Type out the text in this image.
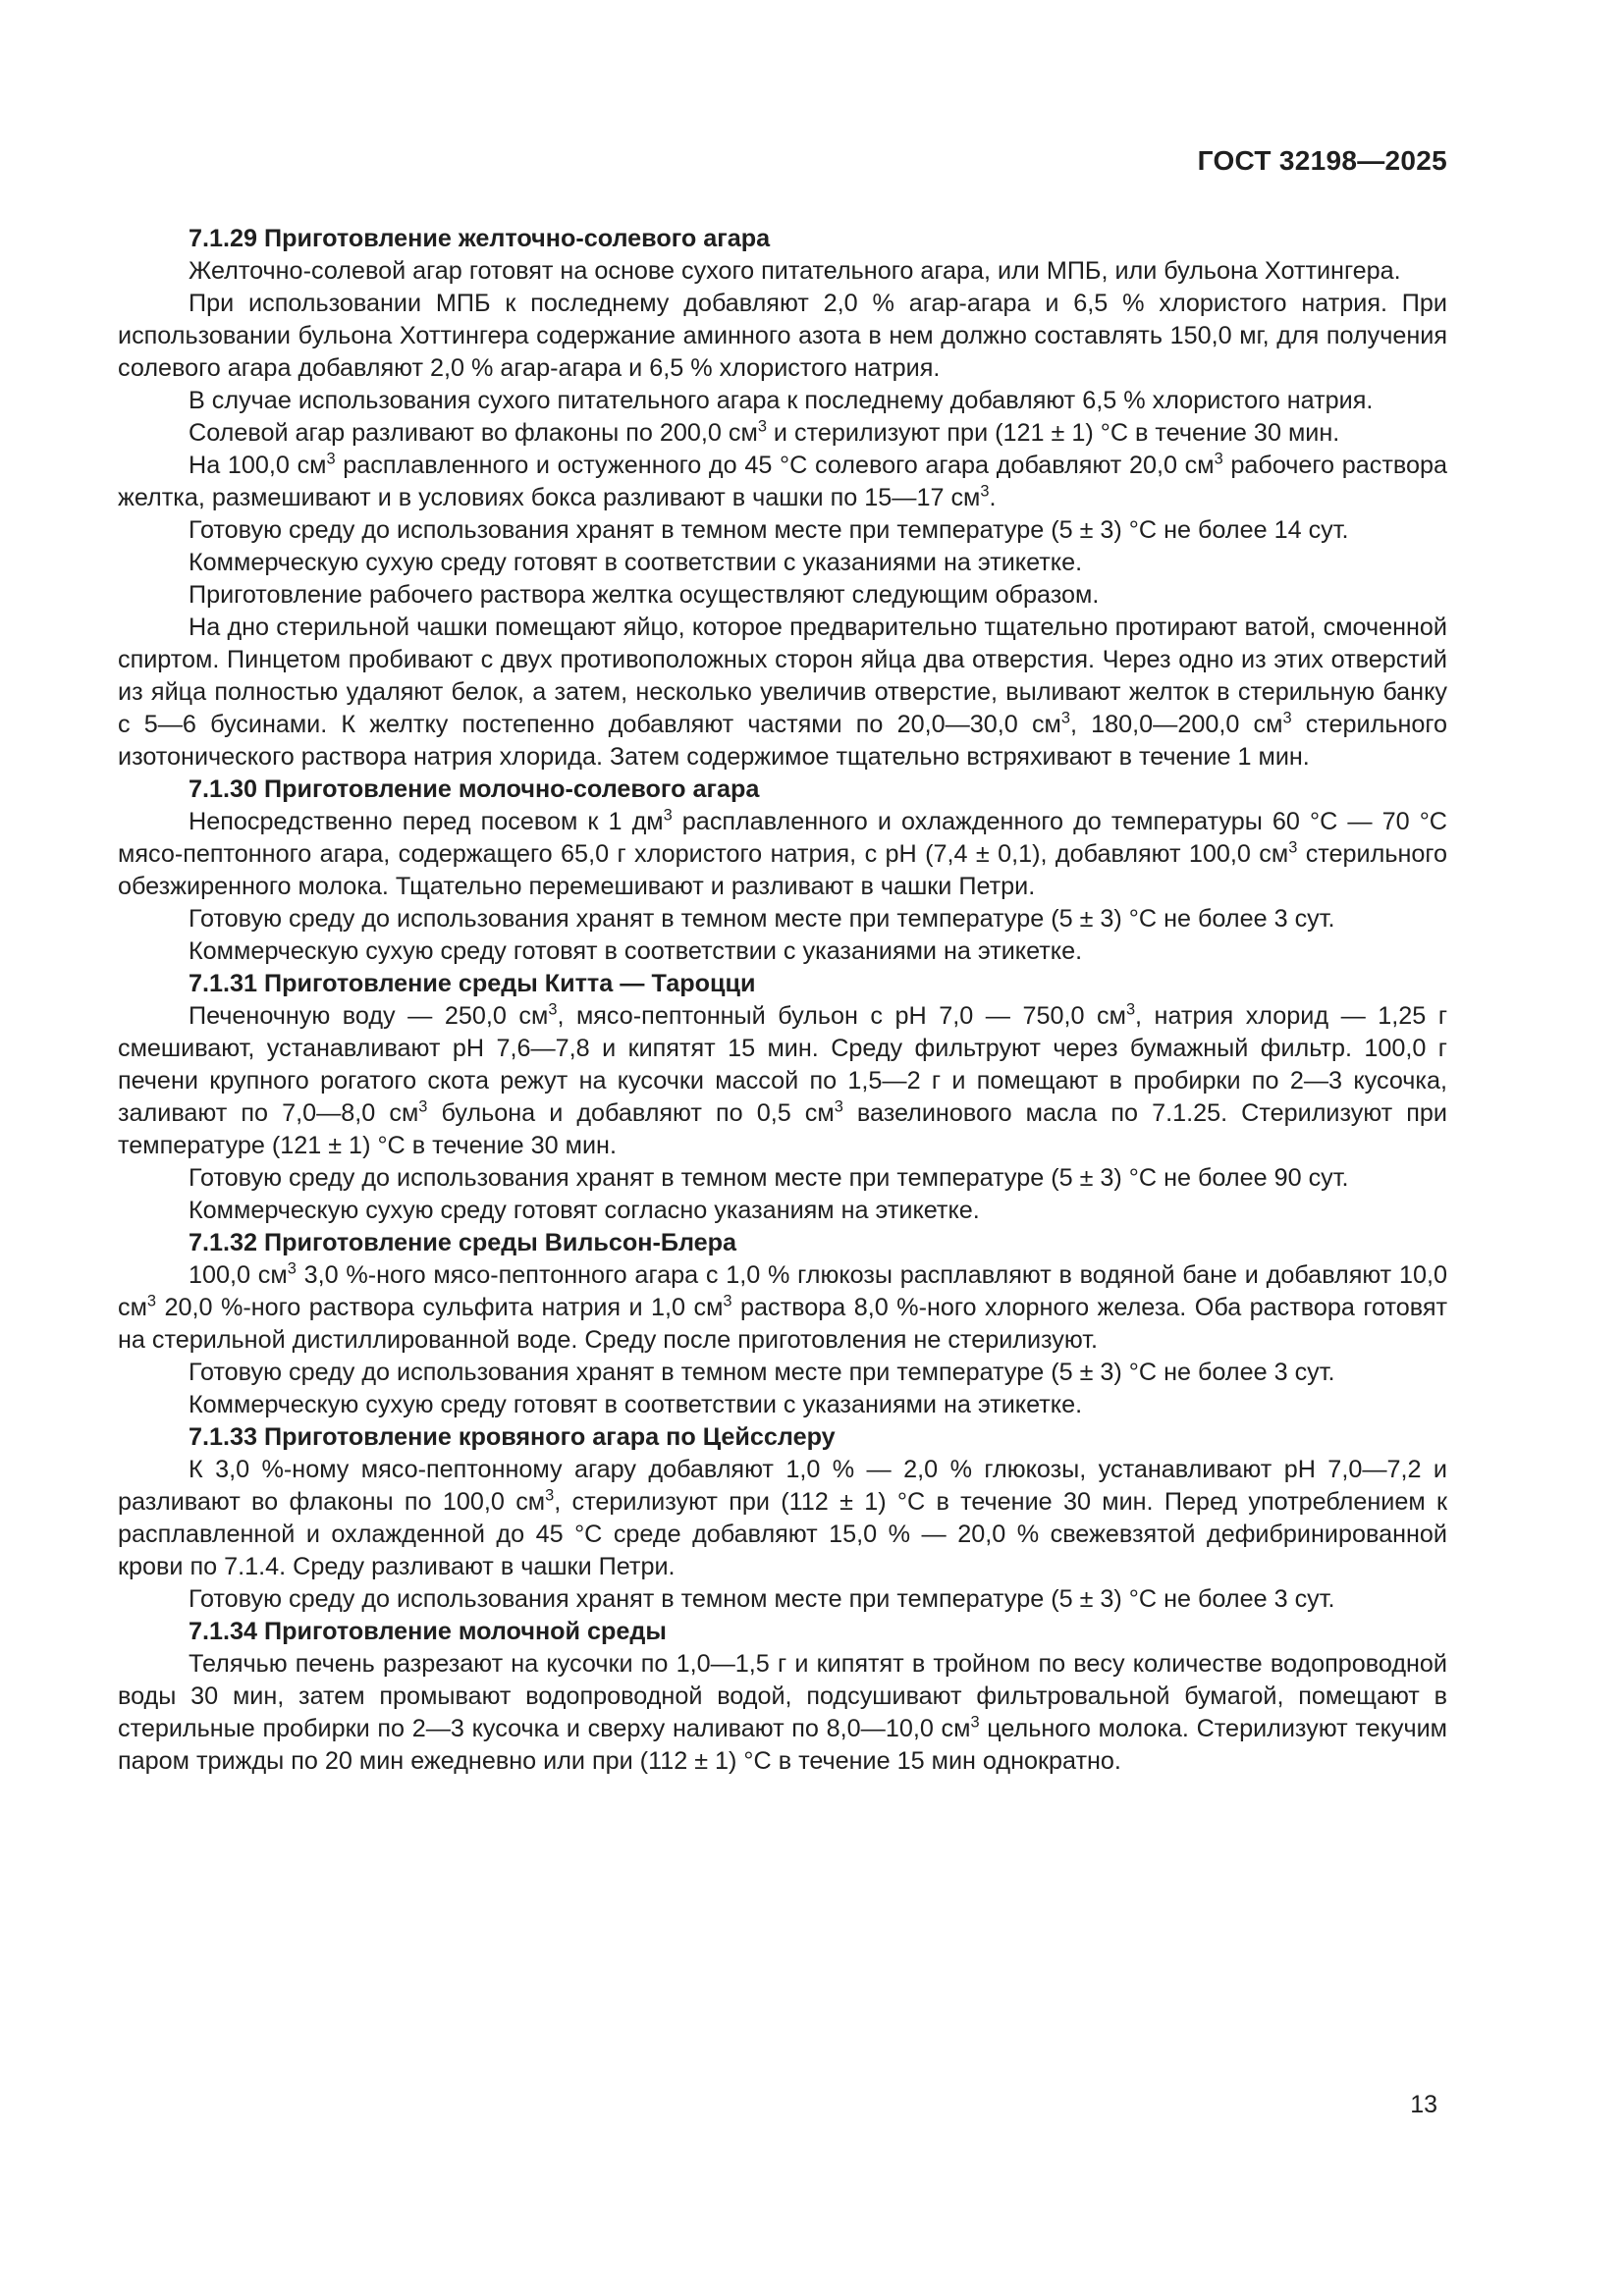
ГОСТ 32198—2025
7.1.29 Приготовление желточно-солевого агара

Желточно-солевой агар готовят на основе сухого питательного агара, или МПБ, или бульона Хоттингера.

При использовании МПБ к последнему добавляют 2,0 % агар-агара и 6,5 % хлористого натрия. При использовании бульона Хоттингера содержание аминного азота в нем должно составлять 150,0 мг, для получения солевого агара добавляют 2,0 % агар-агара и 6,5 % хлористого натрия.

В случае использования сухого питательного агара к последнему добавляют 6,5 % хлористого натрия.

Солевой агар разливают во флаконы по 200,0 $см^3$ и стерилизуют при (121 ± 1) °С в течение 30 мин.

На 100,0 $см^3$ расплавленного и остуженного до 45 °С солевого агара добавляют 20,0 $см^3$ рабочего раствора желтка, размешивают и в условиях бокса разливают в чашки по 15—17 $см^3$.

Готовую среду до использования хранят в темном месте при температуре (5 ± 3) °С не более 14 сут.

Коммерческую сухую среду готовят в соответствии с указаниями на этикетке.

Приготовление рабочего раствора желтка осуществляют следующим образом.

На дно стерильной чашки помещают яйцо, которое предварительно тщательно протирают ватой, смоченной спиртом. Пинцетом пробивают с двух противоположных сторон яйца два отверстия. Через одно из этих отверстий из яйца полностью удаляют белок, а затем, несколько увеличив отверстие, выливают желток в стерильную банку с 5—6 бусинами. К желтку постепенно добавляют частями по 20,0—30,0 $см^3$, 180,0—200,0 $см^3$ стерильного изотонического раствора натрия хлорида. Затем содержимое тщательно встряхивают в течение 1 мин.

7.1.30 Приготовление молочно-солевого агара

Непосредственно перед посевом к 1 $дм^3$ расплавленного и охлажденного до температуры 60 °С — 70 °С мясо-пептонного агара, содержащего 65,0 г хлористого натрия, с pH (7,4 ± 0,1), добавляют 100,0 $см^3$ стерильного обезжиренного молока. Тщательно перемешивают и разливают в чашки Петри.

Готовую среду до использования хранят в темном месте при температуре (5 ± 3) °С не более 3 сут.

Коммерческую сухую среду готовят в соответствии с указаниями на этикетке.

7.1.31 Приготовление среды Китта — Тароцци

Печеночную воду — 250,0 $см^3$, мясо-пептонный бульон с pH 7,0 — 750,0 $см^3$, натрия хлорид — 1,25 г смешивают, устанавливают pH 7,6—7,8 и кипятят 15 мин. Среду фильтруют через бумажный фильтр. 100,0 г печени крупного рогатого скота режут на кусочки массой по 1,5—2 г и помещают в пробирки по 2—3 кусочка, заливают по 7,0—8,0 $см^3$ бульона и добавляют по 0,5 $см^3$ вазелинового масла по 7.1.25. Стерилизуют при температуре (121 ± 1) °С в течение 30 мин.

Готовую среду до использования хранят в темном месте при температуре (5 ± 3) °С не более 90 сут.

Коммерческую сухую среду готовят согласно указаниям на этикетке.

7.1.32 Приготовление среды Вильсон-Блера

100,0 $см^3$ 3,0 %-ного мясо-пептонного агара с 1,0 % глюкозы расплавляют в водяной бане и добавляют 10,0 $см^3$ 20,0 %-ного раствора сульфита натрия и 1,0 $см^3$ раствора 8,0 %-ного хлорного железа. Оба раствора готовят на стерильной дистиллированной воде. Среду после приготовления не стерилизуют.

Готовую среду до использования хранят в темном месте при температуре (5 ± 3) °С не более 3 сут.

Коммерческую сухую среду готовят в соответствии с указаниями на этикетке.

7.1.33 Приготовление кровяного агара по Цейсслеру

К 3,0 %-ному мясо-пептонному агару добавляют 1,0 % — 2,0 % глюкозы, устанавливают pH 7,0—7,2 и разливают во флаконы по 100,0 $см^3$, стерилизуют при (112 ± 1) °С в течение 30 мин. Перед употреблением к расплавленной и охлажденной до 45 °С среде добавляют 15,0 % — 20,0 % свежевзятой дефибринированной крови по 7.1.4. Среду разливают в чашки Петри.

Готовую среду до использования хранят в темном месте при температуре (5 ± 3) °С не более 3 сут.

7.1.34 Приготовление молочной среды

Телячью печень разрезают на кусочки по 1,0—1,5 г и кипятят в тройном по весу количестве водопроводной воды 30 мин, затем промывают водопроводной водой, подсушивают фильтровальной бумагой, помещают в стерильные пробирки по 2—3 кусочка и сверху наливают по 8,0—10,0 $см^3$ цельного молока. Стерилизуют текучим паром трижды по 20 мин ежедневно или при (112 ± 1) °С в течение 15 мин однократно.

13
